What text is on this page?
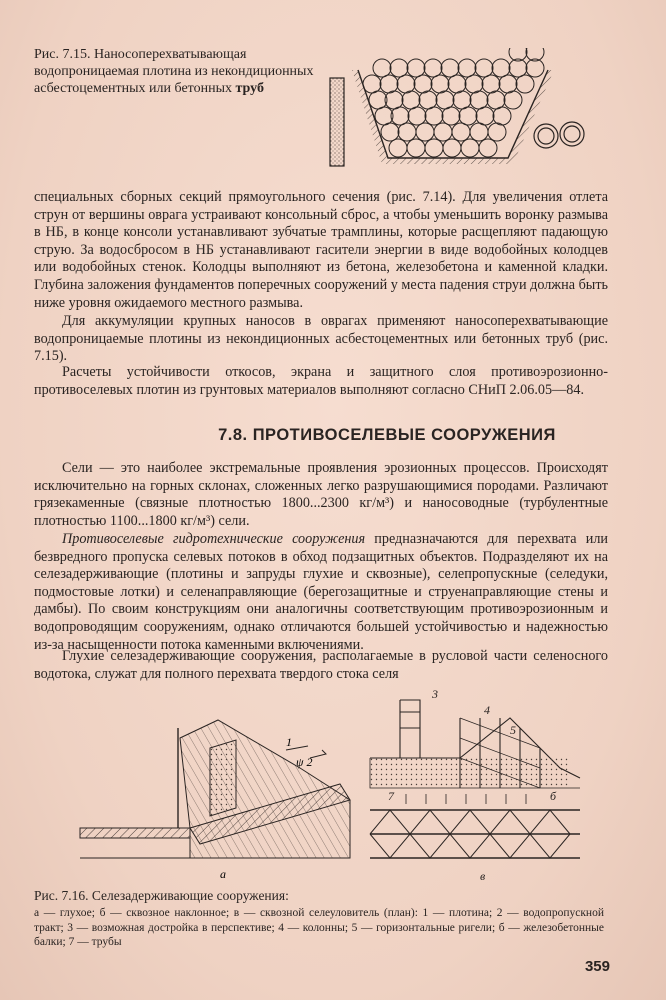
Рис. 7.15. Наносоперехватывающая водопроницаемая плотина из некондиционных асбестоцементных или бетонных труб
специальных сборных секций прямоугольного сечения (рис. 7.14). Для увеличения отлета струн от вершины оврага устраивают консольный сброс, а чтобы уменьшить воронку размыва в НБ, в конце консоли устанавливают зубчатые трамплины, которые расщепляют падающую струю. За водосбросом в НБ устанавливают гасители энергии в виде водобойных колодцев или водобойных стенок. Колодцы выполняют из бетона, железобетона и каменной кладки. Глубина заложения фундаментов поперечных сооружений у места падения струи должна быть ниже уровня ожидаемого местного размыва.
Для аккумуляции крупных наносов в оврагах применяют наносоперехватывающие водопроницаемые плотины из некондиционных асбестоцементных или бетонных труб (рис. 7.15).
Расчеты устойчивости откосов, экрана и защитного слоя противоэрозионно-противоселевых плотин из грунтовых материалов выполняют согласно СНиП 2.06.05—84.
7.8. ПРОТИВОСЕЛЕВЫЕ СООРУЖЕНИЯ
Сели — это наиболее экстремальные проявления эрозионных процессов. Происходят исключительно на горных склонах, сложенных легко разрушающимися породами. Различают грязекаменные (связные плотностью 1800...2300 кг/м³) и наносоводные (турбулентные плотностью 1100...1800 кг/м³) сели.
Противоселевые гидротехнические сооружения предназначаются для перехвата или безвредного пропуска селевых потоков в обход подзащитных объектов. Подразделяют их на селезадерживающие (плотины и запруды глухие и сквозные), селепропускные (селедуки, подмостовые лотки) и селенаправляющие (берегозащитные и струенаправляющие стены и дамбы). По своим конструкциям они аналогичны соответствующим противоэрозионным и водопроводящим сооружениям, однако отличаются большей устойчивостью и надежностью из-за насыщенности потока каменными включениями.
Глухие селезадерживающие сооружения, располагаемые в русловой части селеносного водотока, служат для полного перехвата твердого стока селя
1
ψ 2
а
3
4
5
7	б
в
Рис. 7.16. Селезадерживающие сооружения:
а — глухое; б — сквозное наклонное; в — сквозной селеуловитель (план): 1 — плотина; 2 — водопропускной тракт; 3 — возможная достройка в перспективе; 4 — колонны; 5 — горизонтальные ригели; б — железобетонные балки; 7 — трубы
359
